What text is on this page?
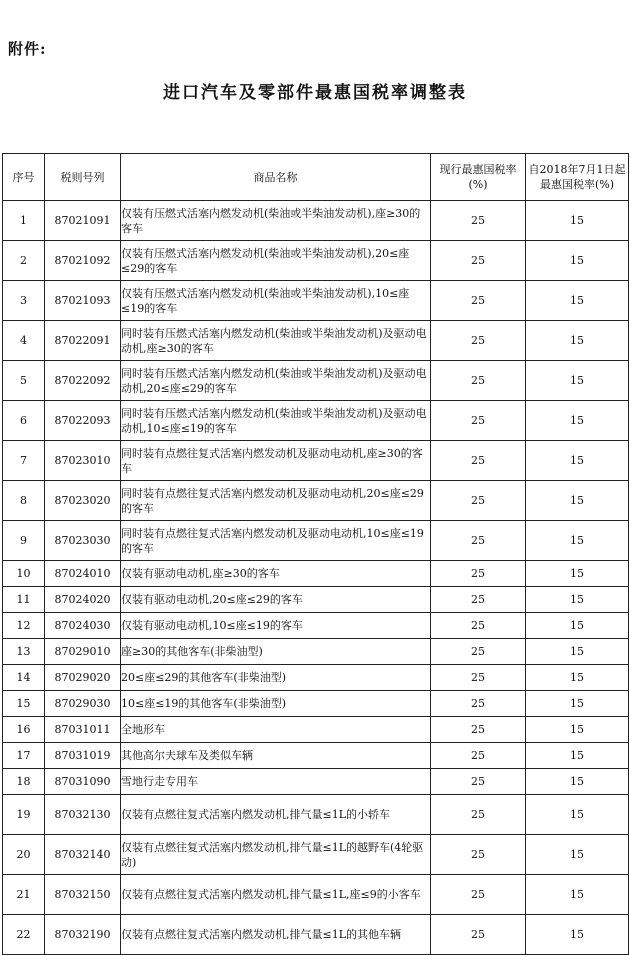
附件:
进口汽车及零部件最惠国税率调整表
序号	税则号列	商品名称	现行最惠国税率(%)	自2018年7月1日起最惠国税率(%)
1	87021091	仅装有压燃式活塞内燃发动机(柴油或半柴油发动机),座≥30的客车	25	15
2	87021092	仅装有压燃式活塞内燃发动机(柴油或半柴油发动机),20≤座≤29的客车	25	15
3	87021093	仅装有压燃式活塞内燃发动机(柴油或半柴油发动机),10≤座≤19的客车	25	15
4	87022091	同时装有压燃式活塞内燃发动机(柴油或半柴油发动机)及驱动电动机,座≥30的客车	25	15
5	87022092	同时装有压燃式活塞内燃发动机(柴油或半柴油发动机)及驱动电动机,20≤座≤29的客车	25	15
6	87022093	同时装有压燃式活塞内燃发动机(柴油或半柴油发动机)及驱动电动机,10≤座≤19的客车	25	15
7	87023010	同时装有点燃往复式活塞内燃发动机及驱动电动机,座≥30的客车	25	15
8	87023020	同时装有点燃往复式活塞内燃发动机及驱动电动机,20≤座≤29的客车	25	15
9	87023030	同时装有点燃往复式活塞内燃发动机及驱动电动机,10≤座≤19的客车	25	15
10	87024010	仅装有驱动电动机,座≥30的客车	25	15
11	87024020	仅装有驱动电动机,20≤座≤29的客车	25	15
12	87024030	仅装有驱动电动机,10≤座≤19的客车	25	15
13	87029010	座≥30的其他客车(非柴油型)	25	15
14	87029020	20≤座≤29的其他客车(非柴油型)	25	15
15	87029030	10≤座≤19的其他客车(非柴油型)	25	15
16	87031011	全地形车	25	15
17	87031019	其他高尔夫球车及类似车辆	25	15
18	87031090	雪地行走专用车	25	15
19	87032130	仅装有点燃往复式活塞内燃发动机,排气量≤1L的小轿车	25	15
20	87032140	仅装有点燃往复式活塞内燃发动机,排气量≤1L的越野车(4轮驱动)	25	15
21	87032150	仅装有点燃往复式活塞内燃发动机,排气量≤1L,座≤9的小客车	25	15
22	87032190	仅装有点燃往复式活塞内燃发动机,排气量≤1L的其他车辆	25	15
